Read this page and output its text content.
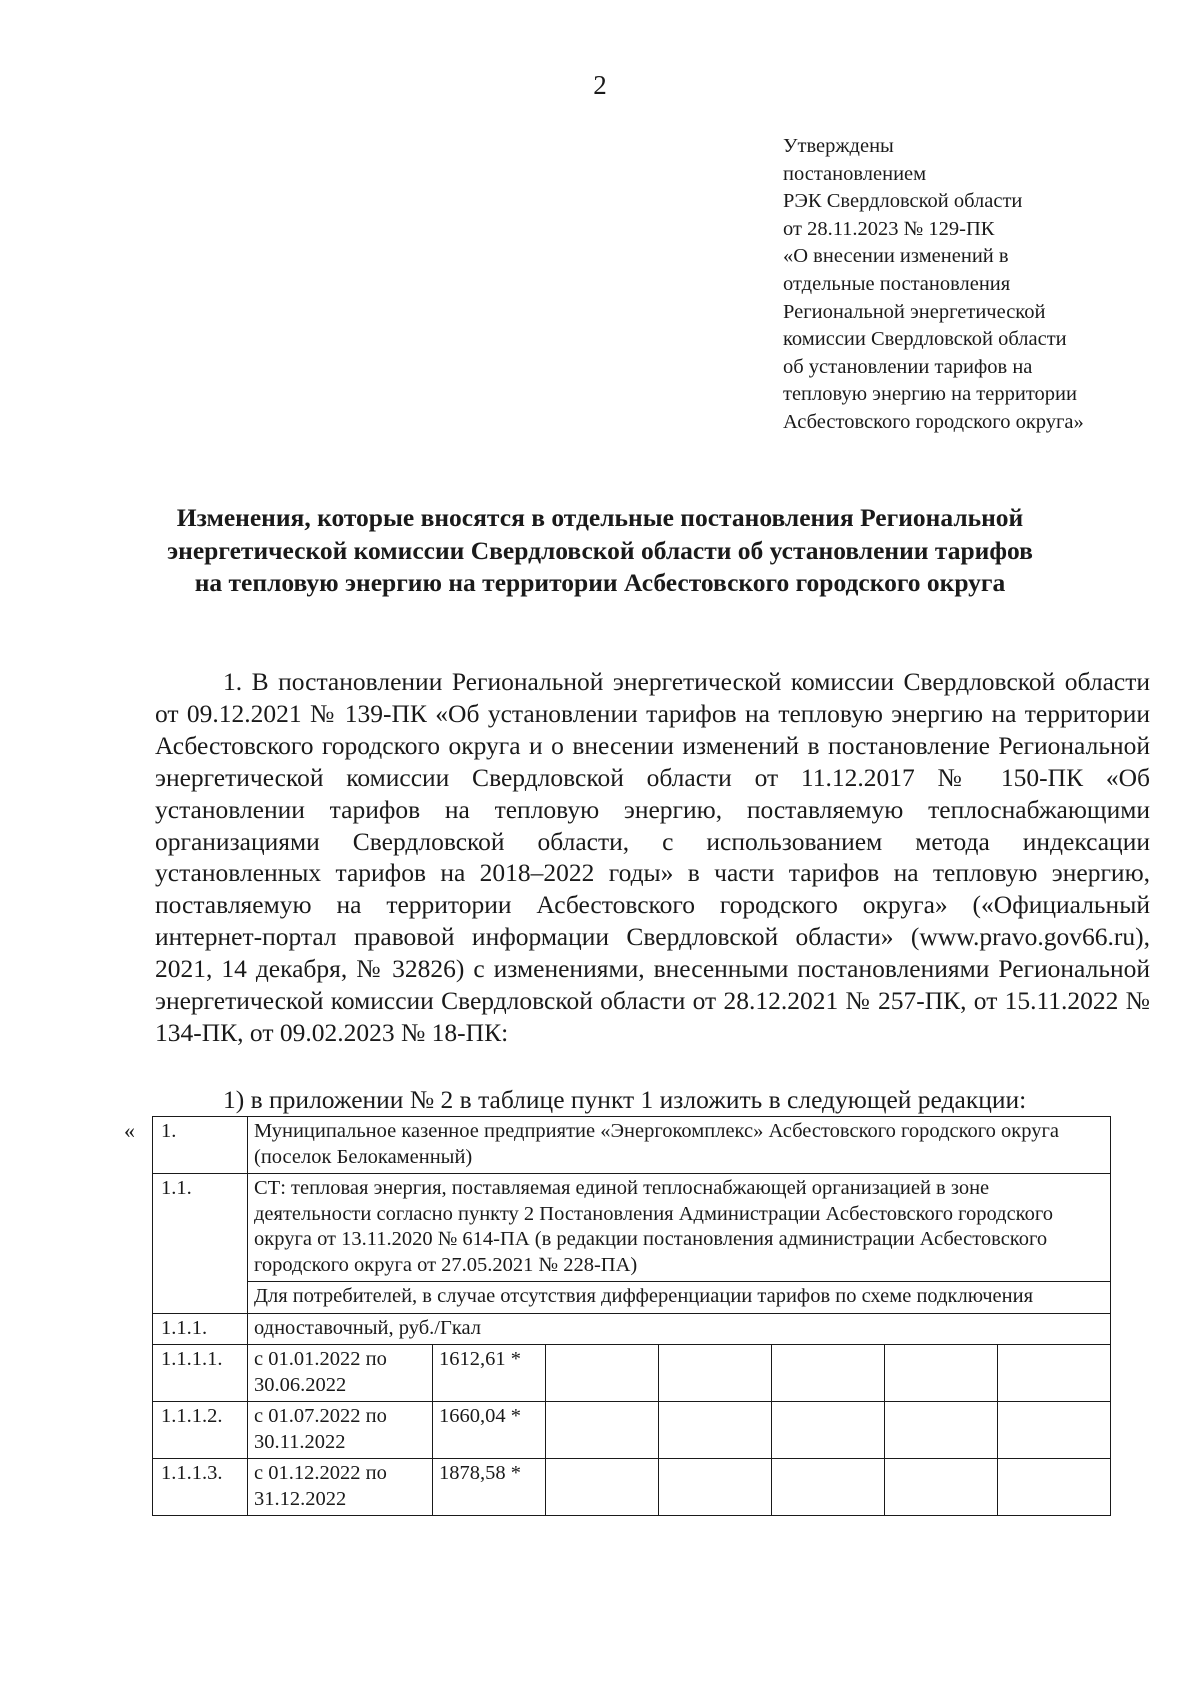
2
Утверждены
постановлением
РЭК Свердловской области
от 28.11.2023 № 129-ПК
«О внесении изменений в
отдельные постановления
Региональной энергетической
комиссии Свердловской области
об установлении тарифов на
тепловую энергию на территории
Асбестовского городского округа»
Изменения, которые вносятся в отдельные постановления Региональной
энергетической комиссии Свердловской области об установлении тарифов
на тепловую энергию на территории Асбестовского городского округа

1. В постановлении Региональной энергетической комиссии Свердловской области от 09.12.2021 № 139-ПК «Об установлении тарифов на тепловую энергию на территории Асбестовского городского округа и о внесении изменений в постановление Региональной энергетической комиссии Свердловской области от 11.12.2017 № 150-ПК «Об установлении тарифов на тепловую энергию, поставляемую теплоснабжающими организациями Свердловской области, с использованием метода индексации установленных тарифов на 2018–2022 годы» в части тарифов на тепловую энергию, поставляемую на территории Асбестовского городского округа» («Официальный интернет-портал правовой информации Свердловской области» (www.pravo.gov66.ru), 2021, 14 декабря, № 32826) с изменениями, внесенными постановлениями Региональной энергетической комиссии Свердловской области от 28.12.2021 № 257-ПК, от 15.11.2022 № 134-ПК, от 09.02.2023 № 18-ПК:

1) в приложении № 2 в таблице пункт 1 изложить в следующей редакции:
« 1.	Муниципальное казенное предприятие «Энергокомплекс» Асбестовского городского округа (поселок Белокаменный)						
1.1.	СТ: тепловая энергия, поставляемая единой теплоснабжающей организацией в зоне деятельности согласно пункту 2 Постановления Администрации Асбестовского городского округа от 13.11.2020 № 614-ПА (в редакции постановления администрации Асбестовского городского округа от 27.05.2021 № 228-ПА)						
	Для потребителей, в случае отсутствия дифференциации тарифов по схеме подключения						
1.1.1.	одноставочный, руб./Гкал						
1.1.1.1.	с 01.01.2022 по 30.06.2022	1612,61 *					
1.1.1.2.	с 01.07.2022 по 30.11.2022	1660,04 *					
1.1.1.3.	с 01.12.2022 по 31.12.2022	1878,58 *					
